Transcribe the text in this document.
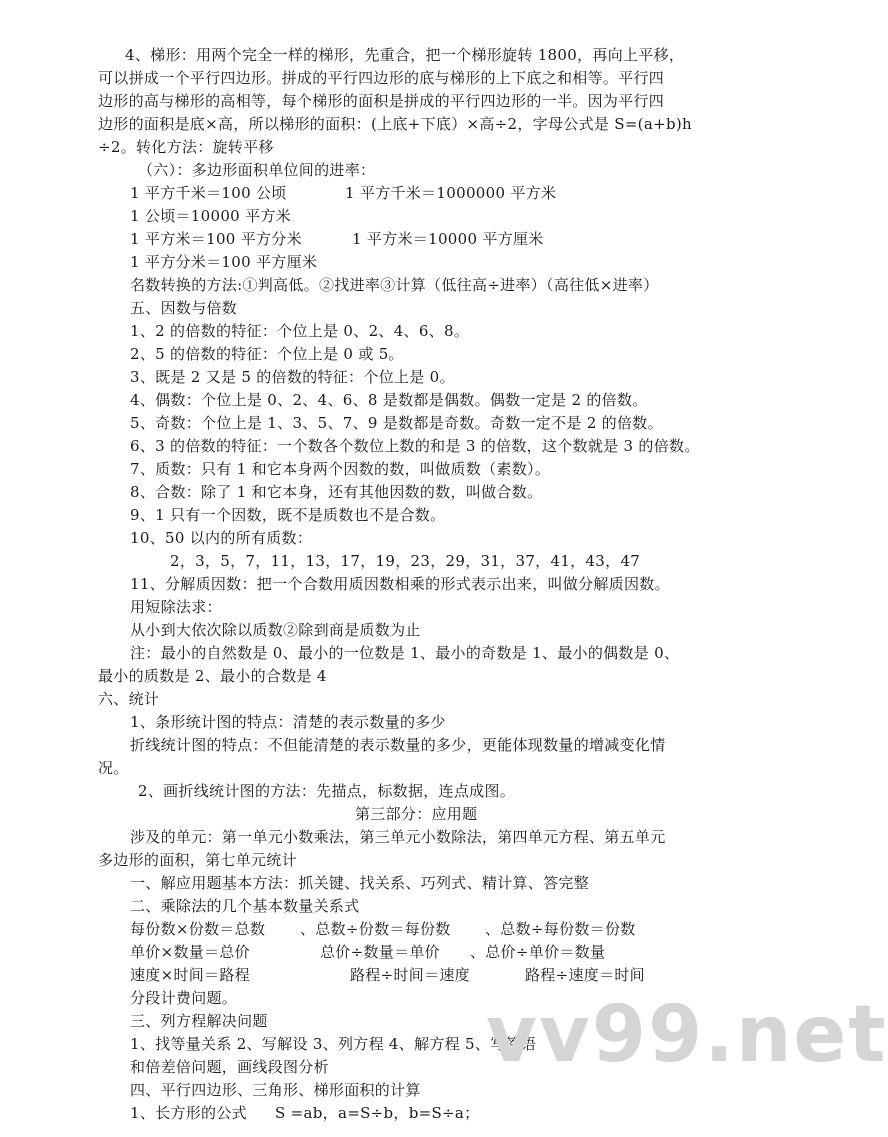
4、梯形：用两个完全一样的梯形，先重合，把一个梯形旋转 1800，再向上平移，
可以拼成一个平行四边形。拼成的平行四边形的底与梯形的上下底之和相等。平行四
边形的高与梯形的高相等，每个梯形的面积是拼成的平行四边形的一半。因为平行四
边形的面积是底×高，所以梯形的面积：(上底+下底）×高÷2，字母公式是 S=(a+b)h
÷2。转化方法：旋转平移
（六）：多边形面积单位间的进率：
1 平方千米＝100 公顷	1 平方千米＝1000000 平方米
1 公顷＝10000 平方米
1 平方米＝100 平方分米	1 平方米＝10000 平方厘米
1 平方分米＝100 平方厘米
名数转换的方法:①判高低。②找进率③计算（低往高÷进率）（高往低×进率）
五、因数与倍数
1、2 的倍数的特征：个位上是 0、2、4、6、8。
2、5 的倍数的特征：个位上是 0 或 5。
3、既是 2 又是 5 的倍数的特征：个位上是 0。
4、偶数：个位上是 0、2、4、6、8 是数都是偶数。偶数一定是 2 的倍数。
5、奇数：个位上是 1、3、5、7、9 是数都是奇数。奇数一定不是 2 的倍数。
6、3 的倍数的特征：一个数各个数位上数的和是 3 的倍数，这个数就是 3 的倍数。
7、质数：只有 1 和它本身两个因数的数，叫做质数（素数）。
8、合数：除了 1 和它本身，还有其他因数的数，叫做合数。
9、1 只有一个因数，既不是质数也不是合数。
10、50 以内的所有质数：
2，3，5，7，11，13，17，19，23，29，31，37，41，43，47
11、分解质因数：把一个合数用质因数相乘的形式表示出来，叫做分解质因数。
用短除法求：
从小到大依次除以质数②除到商是质数为止
注：最小的自然数是 0、最小的一位数是 1、最小的奇数是 1、最小的偶数是 0、
最小的质数是 2、最小的合数是 4
六、统计
1、条形统计图的特点：清楚的表示数量的多少
折线统计图的特点：不但能清楚的表示数量的多少，更能体现数量的增减变化情
况。
2、画折线统计图的方法：先描点，标数据，连点成图。
第三部分：应用题
涉及的单元：第一单元小数乘法，第三单元小数除法，第四单元方程、第五单元
多边形的面积，第七单元统计
一、解应用题基本方法：抓关键、找关系、巧列式、精计算、答完整
二、乘除法的几个基本数量关系式
每份数×份数＝总数 、总数÷份数＝每份数 、总数÷每份数＝份数
单价×数量＝总价	总价÷数量＝单价 、总价÷单价＝数量
速度×时间＝路程	路程÷时间＝速度	路程÷速度＝时间
分段计费问题。
三、列方程解决问题
1、找等量关系 2、写解设 3、列方程 4、解方程 5、写答语
和倍差倍问题，画线段图分析
四、平行四边形、三角形、梯形面积的计算
1、长方形的公式 S =ab，a=S÷b，b=S÷a；
vv99.net
